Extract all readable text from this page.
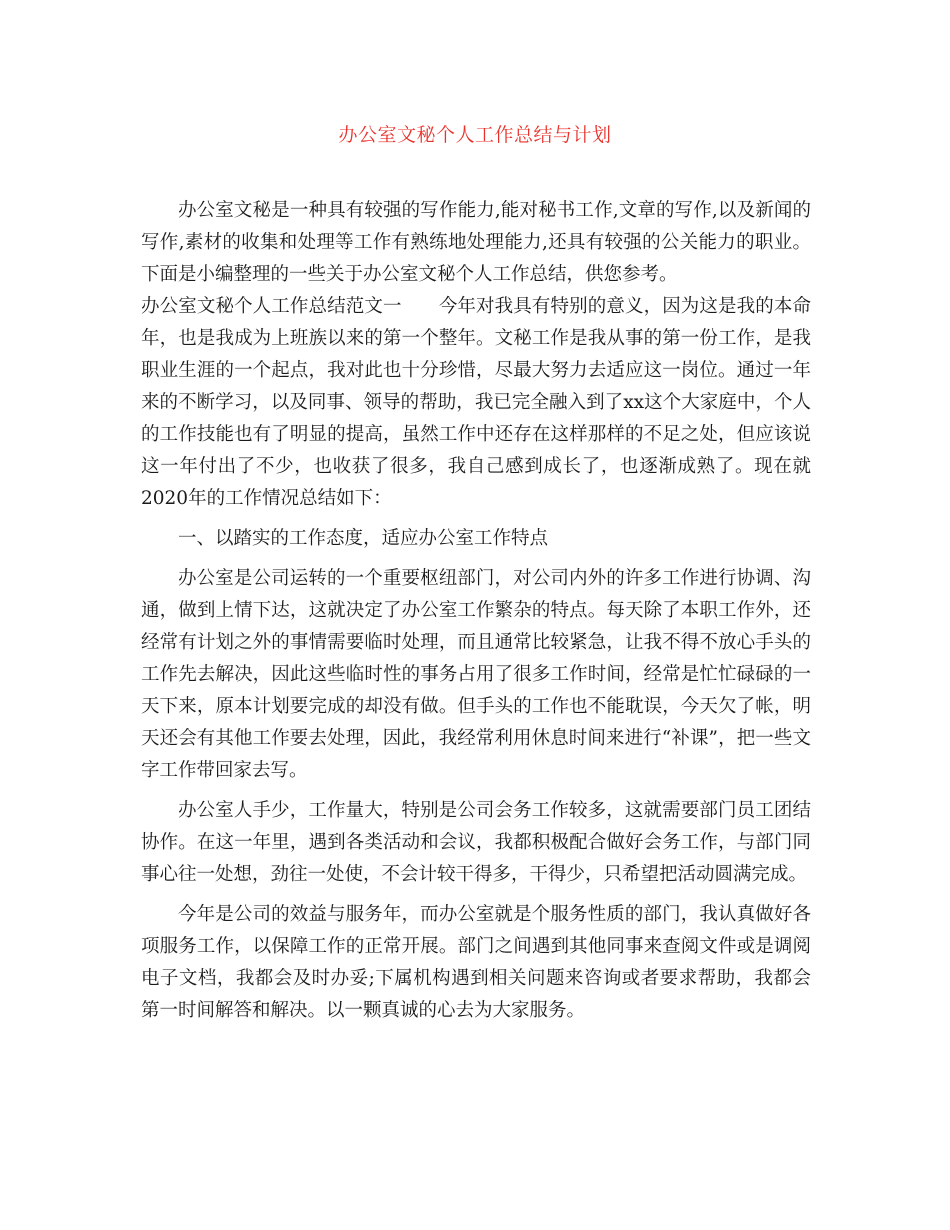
办公室文秘个人工作总结与计划

办公室文秘是一种具有较强的写作能力,能对秘书工作,文章的写作,以及新闻的写作,素材的收集和处理等工作有熟练地处理能力,还具有较强的公关能力的职业。下面是小编整理的一些关于办公室文秘个人工作总结，供您参考。

办公室文秘个人工作总结范文一　　今年对我具有特别的意义，因为这是我的本命年，也是我成为上班族以来的第一个整年。文秘工作是我从事的第一份工作，是我职业生涯的一个起点，我对此也十分珍惜，尽最大努力去适应这一岗位。通过一年来的不断学习，以及同事、领导的帮助，我已完全融入到了xx这个大家庭中，个人的工作技能也有了明显的提高，虽然工作中还存在这样那样的不足之处，但应该说这一年付出了不少，也收获了很多，我自己感到成长了，也逐渐成熟了。现在就2020年的工作情况总结如下：

一、以踏实的工作态度，适应办公室工作特点

办公室是公司运转的一个重要枢纽部门，对公司内外的许多工作进行协调、沟通，做到上情下达，这就决定了办公室工作繁杂的特点。每天除了本职工作外，还经常有计划之外的事情需要临时处理，而且通常比较紧急，让我不得不放心手头的工作先去解决，因此这些临时性的事务占用了很多工作时间，经常是忙忙碌碌的一天下来，原本计划要完成的却没有做。但手头的工作也不能耽误，今天欠了帐，明天还会有其他工作要去处理，因此，我经常利用休息时间来进行“补课”，把一些文字工作带回家去写。

办公室人手少，工作量大，特别是公司会务工作较多，这就需要部门员工团结协作。在这一年里，遇到各类活动和会议，我都积极配合做好会务工作，与部门同事心往一处想，劲往一处使，不会计较干得多，干得少，只希望把活动圆满完成。

今年是公司的效益与服务年，而办公室就是个服务性质的部门，我认真做好各项服务工作，以保障工作的正常开展。部门之间遇到其他同事来查阅文件或是调阅电子文档，我都会及时办妥;下属机构遇到相关问题来咨询或者要求帮助，我都会第一时间解答和解决。以一颗真诚的心去为大家服务。
